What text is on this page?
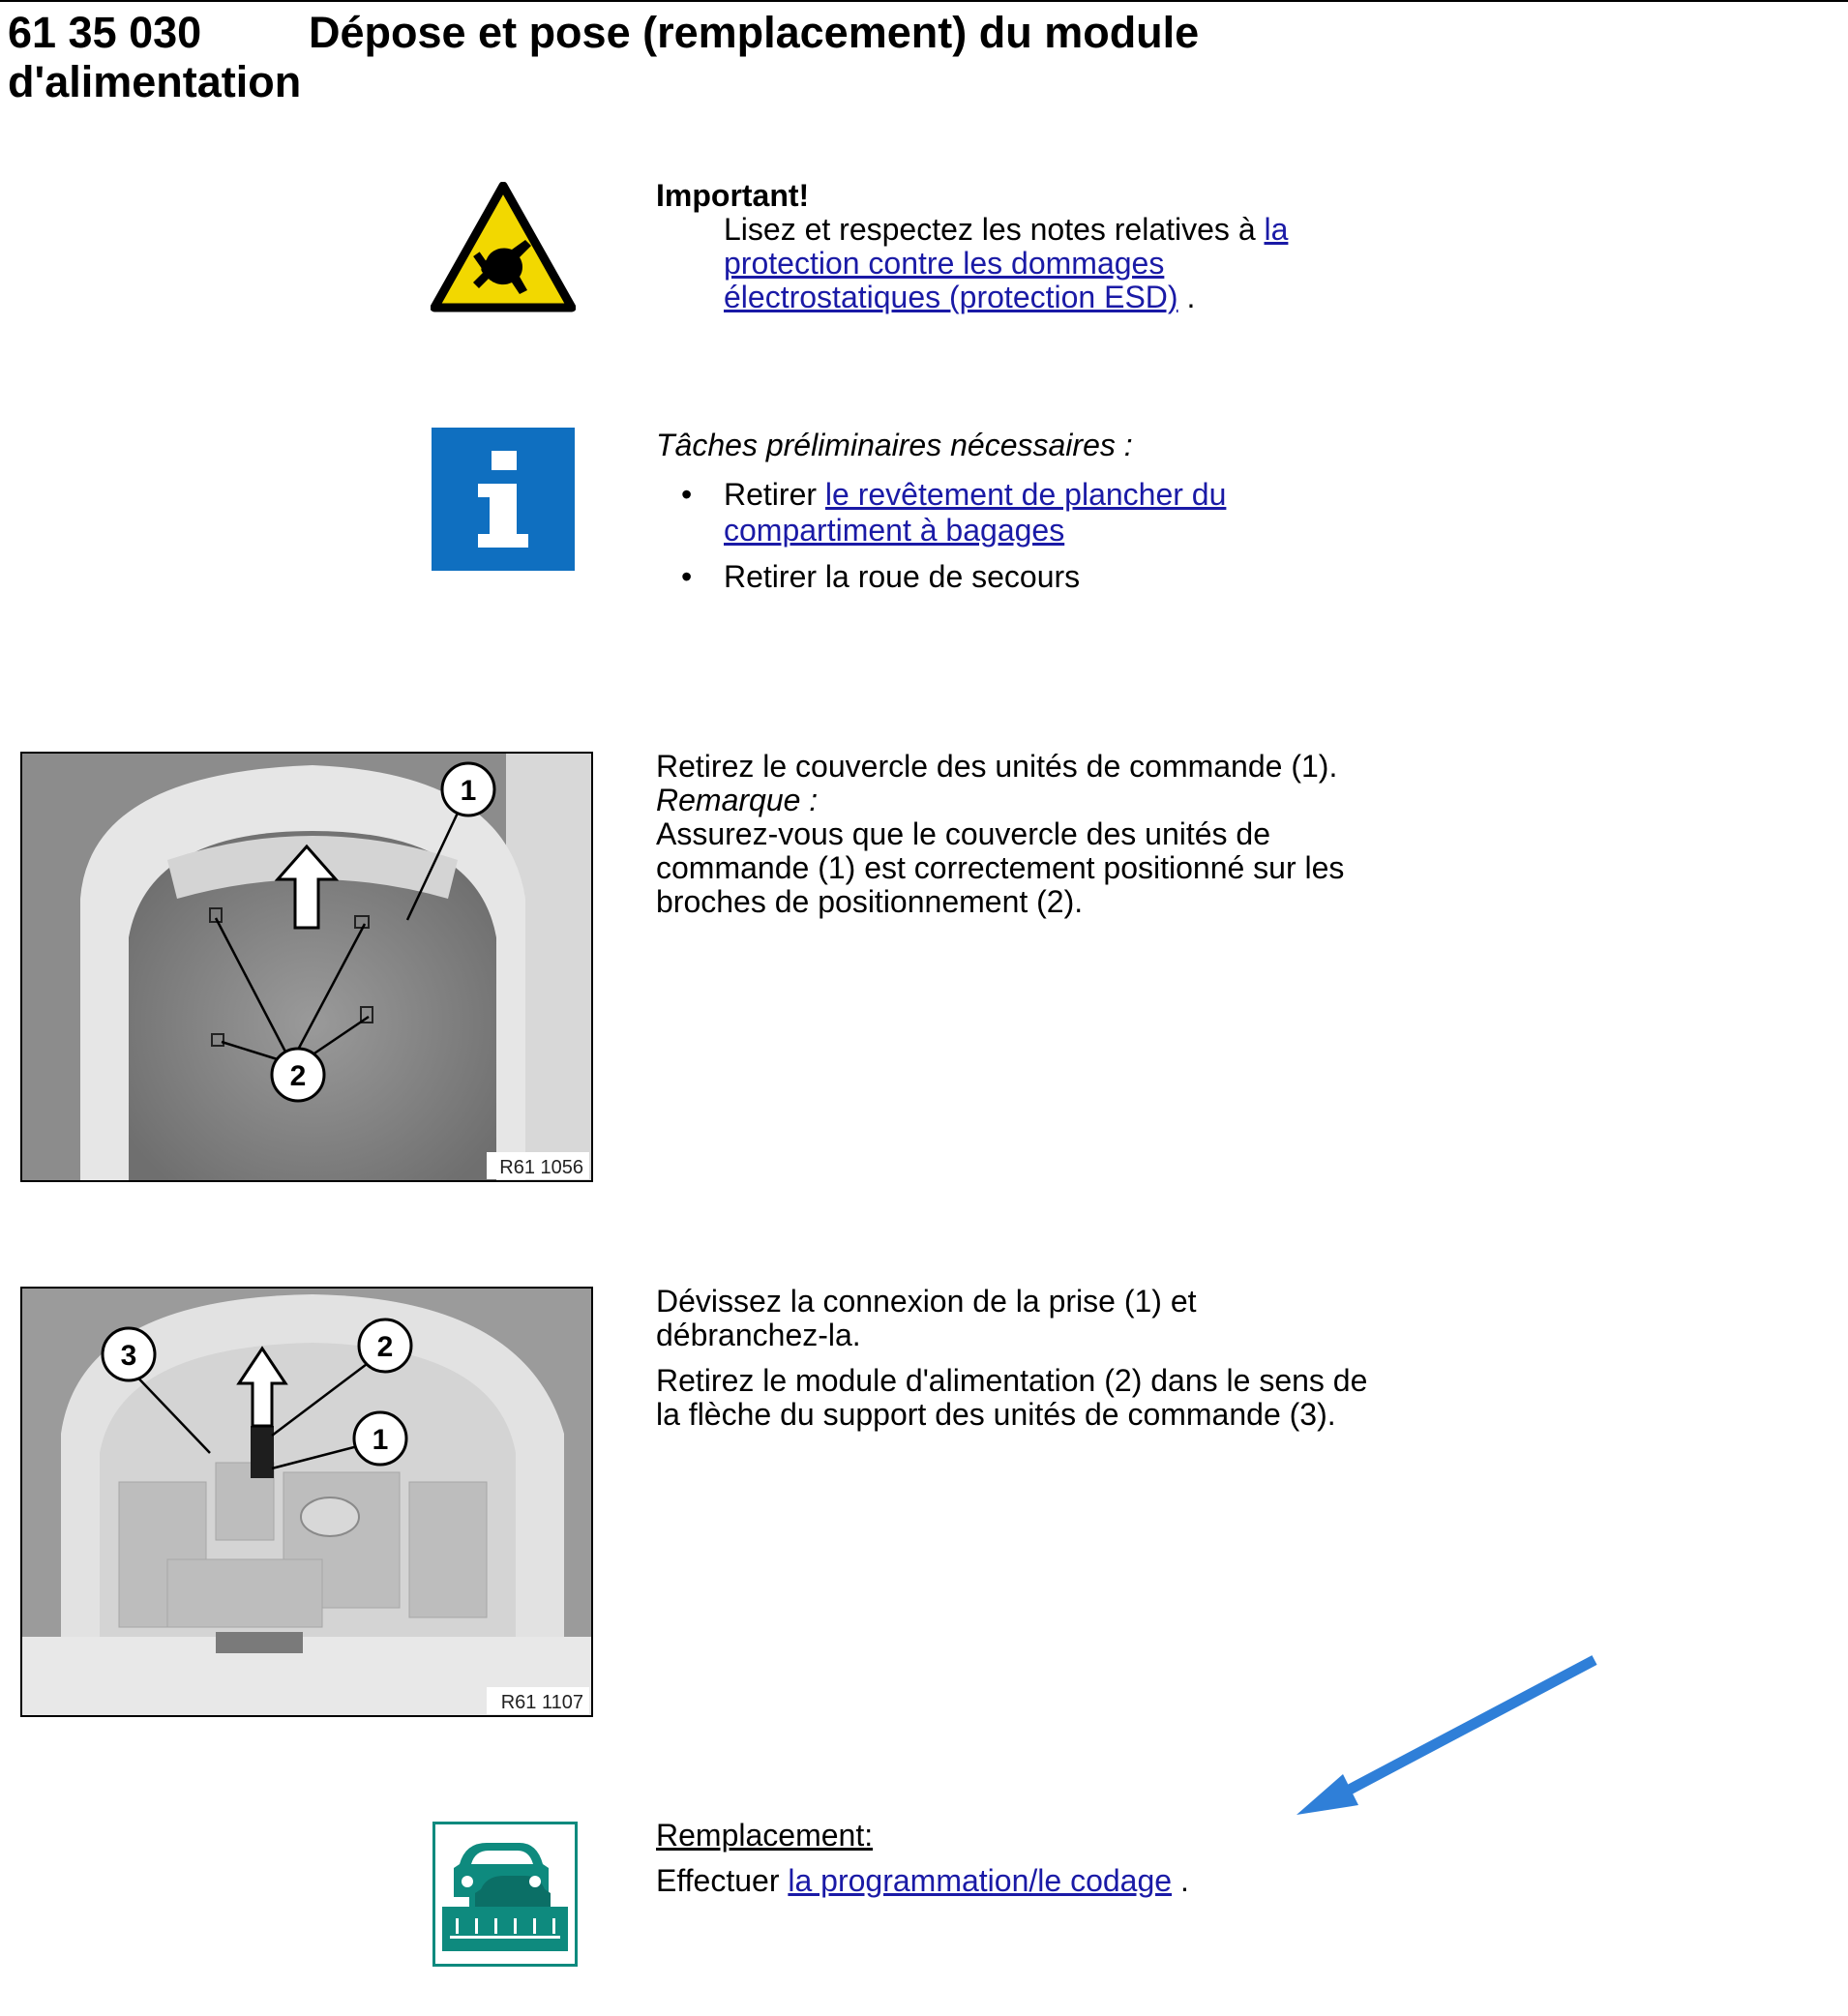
61 35 030 Dépose et pose (remplacement) du module
d'alimentation
Important!
Lisez et respectez les notes relatives à la protection contre les dommages électrostatiques (protection ESD) .
Tâches préliminaires nécessaires :
• Retirer le revêtement de plancher du compartiment à bagages
• Retirer la roue de secours
1
2
R61 1056
Retirez le couvercle des unités de commande (1).
Remarque :
Assurez-vous que le couvercle des unités de commande (1) est correctement positionné sur les broches de positionnement (2).
3	2
1
R61 1107
Dévissez la connexion de la prise (1) et débranchez-la.
Retirez le module d'alimentation (2) dans le sens de la flèche du support des unités de commande (3).
Remplacement:
Effectuer la programmation/le codage .
